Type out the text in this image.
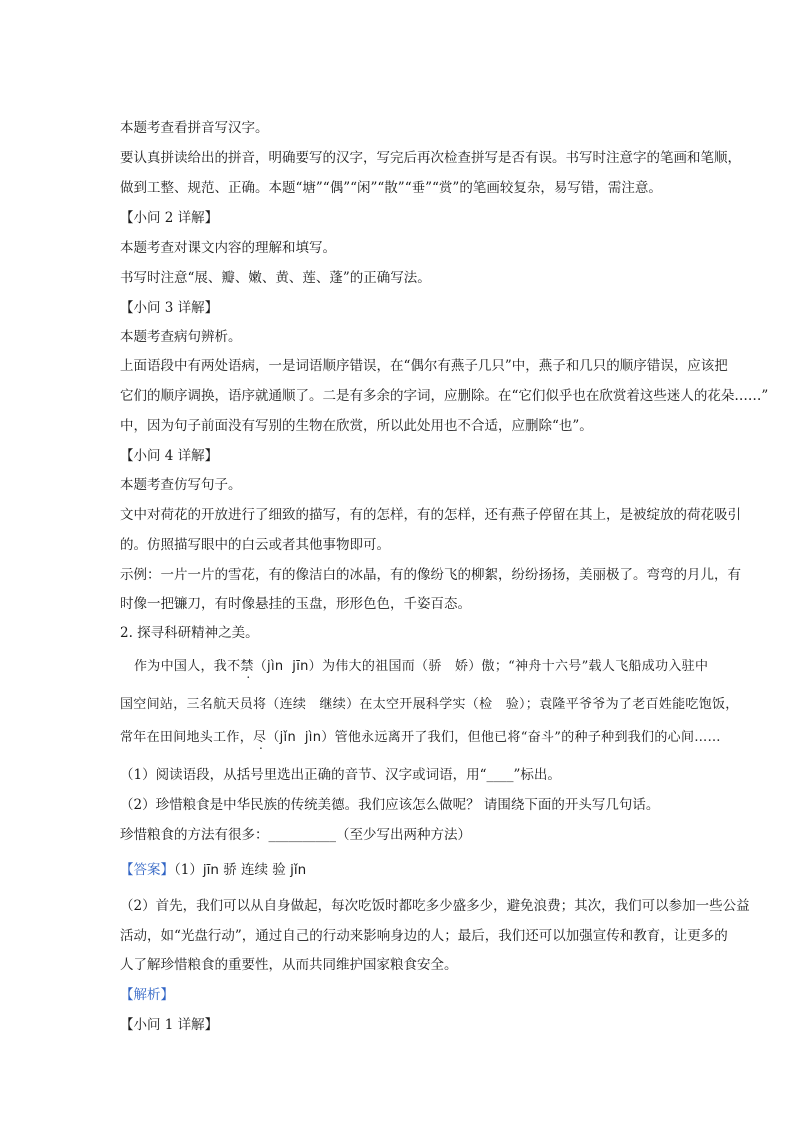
本题考查看拼音写汉字。
要认真拼读给出的拼音，明确要写的汉字，写完后再次检查拼写是否有误。书写时注意字的笔画和笔顺，
做到工整、规范、正确。本题“塘”“偶”“闲”“散”“垂”“赏”的笔画较复杂，易写错，需注意。
【小问 2 详解】
本题考查对课文内容的理解和填写。
书写时注意“展、瓣、嫩、黄、莲、蓬”的正确写法。
【小问 3 详解】
本题考查病句辨析。
上面语段中有两处语病，一是词语顺序错误，在“偶尔有燕子几只”中，燕子和几只的顺序错误，应该把
它们的顺序调换，语序就通顺了。二是有多余的字词，应删除。在“它们似乎也在欣赏着这些迷人的花朵……”
中，因为句子前面没有写别的生物在欣赏，所以此处用也不合适，应删除“也”。
【小问 4 详解】
本题考查仿写句子。
文中对荷花的开放进行了细致的描写，有的怎样，有的怎样，还有燕子停留在其上，是被绽放的荷花吸引
的。仿照描写眼中的白云或者其他事物即可。
示例：一片一片的雪花，有的像洁白的冰晶，有的像纷飞的柳絮，纷纷扬扬，美丽极了。弯弯的月儿，有
时像一把镰刀，有时像悬挂的玉盘，形形色色，千姿百态。
2. 探寻科研精神之美。
作为中国人，我不禁（jìn jīn）为伟大的祖国而（骄　娇）傲；“神舟十六号”载人飞船成功入驻中
国空间站，三名航天员将（连续　继续）在太空开展科学实（检　验）；袁隆平爷爷为了老百姓能吃饱饭，
常年在田间地头工作，尽（jǐn jìn）管他永远离开了我们，但他已将“奋斗”的种子种到我们的心间……
（1）阅读语段，从括号里选出正确的音节、汉字或词语，用“____”标出。
（2）珍惜粮食是中华民族的传统美德。我们应该怎么做呢？ 请围绕下面的开头写几句话。
珍惜粮食的方法有很多：__________（至少写出两种方法）
【答案】（1）jīn 骄 连续 验 jǐn
（2）首先，我们可以从自身做起，每次吃饭时都吃多少盛多少，避免浪费；其次，我们可以参加一些公益
活动，如“光盘行动”，通过自己的行动来影响身边的人；最后，我们还可以加强宣传和教育，让更多的
人了解珍惜粮食的重要性，从而共同维护国家粮食安全。
【解析】
【小问 1 详解】
